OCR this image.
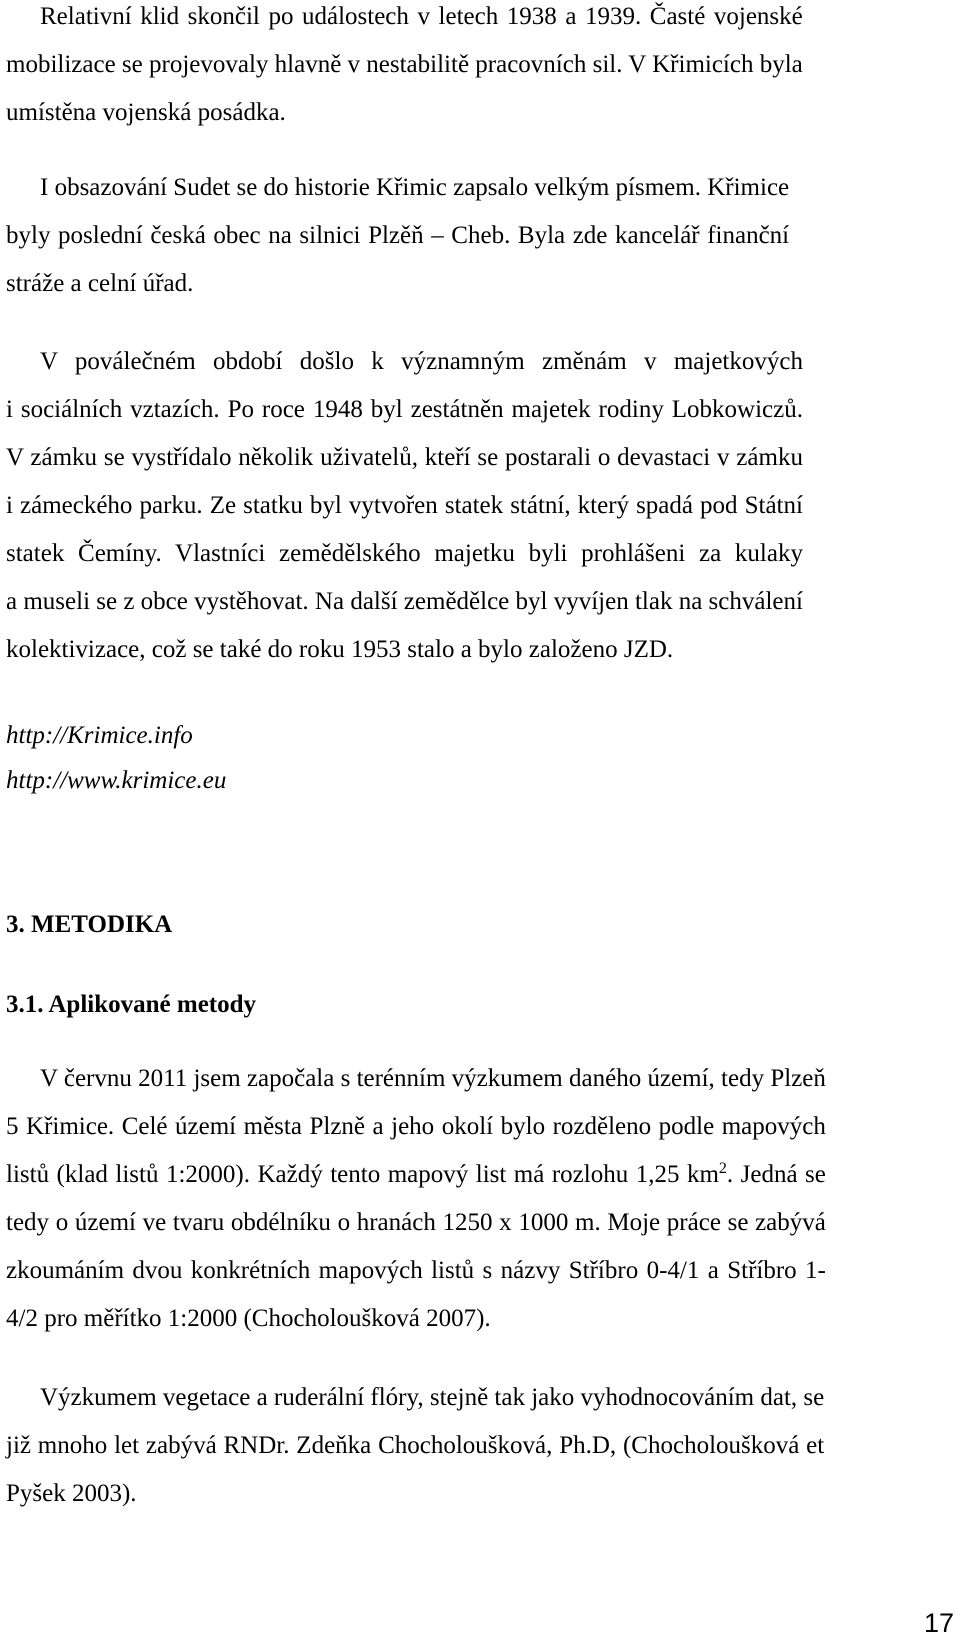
Relativní klid skončil po událostech v letech 1938 a 1939. Časté vojenské
mobilizace se projevovaly hlavně v nestabilitě pracovních sil. V Křimicích byla
umístěna vojenská posádka.

I obsazování Sudet se do historie Křimic zapsalo velkým písmem. Křimice
byly poslední česká obec na silnici Plzěň – Cheb. Byla zde kancelář finanční
stráže a celní úřad.

V poválečném období došlo k významným změnám v majetkových
i sociálních vztazích. Po roce 1948 byl zestátněn majetek rodiny Lobkowiczů.
V zámku se vystřídalo několik uživatelů, kteří se postarali o devastaci v zámku
i zámeckého parku. Ze statku byl vytvořen statek státní, který spadá pod Státní
statek Čemíny. Vlastníci zemědělského majetku byli prohlášeni za kulaky
a museli se z obce vystěhovat. Na další zemědělce byl vyvíjen tlak na schválení
kolektivizace, což se také do roku 1953 stalo a bylo založeno JZD.

http://Krimice.info
http://www.krimice.eu
3. METODIKA
3.1. Aplikované metody

V červnu 2011 jsem započala s terénním výzkumem daného území, tedy Plzeň
5 Křimice. Celé území města Plzně a jeho okolí bylo rozděleno podle mapových
listů (klad listů 1:2000). Každý tento mapový list má rozlohu 1,25 $km^2$. Jedná se
tedy o území ve tvaru obdélníku o hranách 1250 x 1000 m. Moje práce se zabývá
zkoumáním dvou konkrétních mapových listů s názvy Stříbro 0-4/1 a Stříbro 1-
4/2 pro měřítko 1:2000 (Chocholoušková 2007).

Výzkumem vegetace a ruderální flóry, stejně tak jako vyhodnocováním dat, se
již mnoho let zabývá RNDr. Zdeňka Chocholoušková, Ph.D, (Chocholoušková et
Pyšek 2003).

17
